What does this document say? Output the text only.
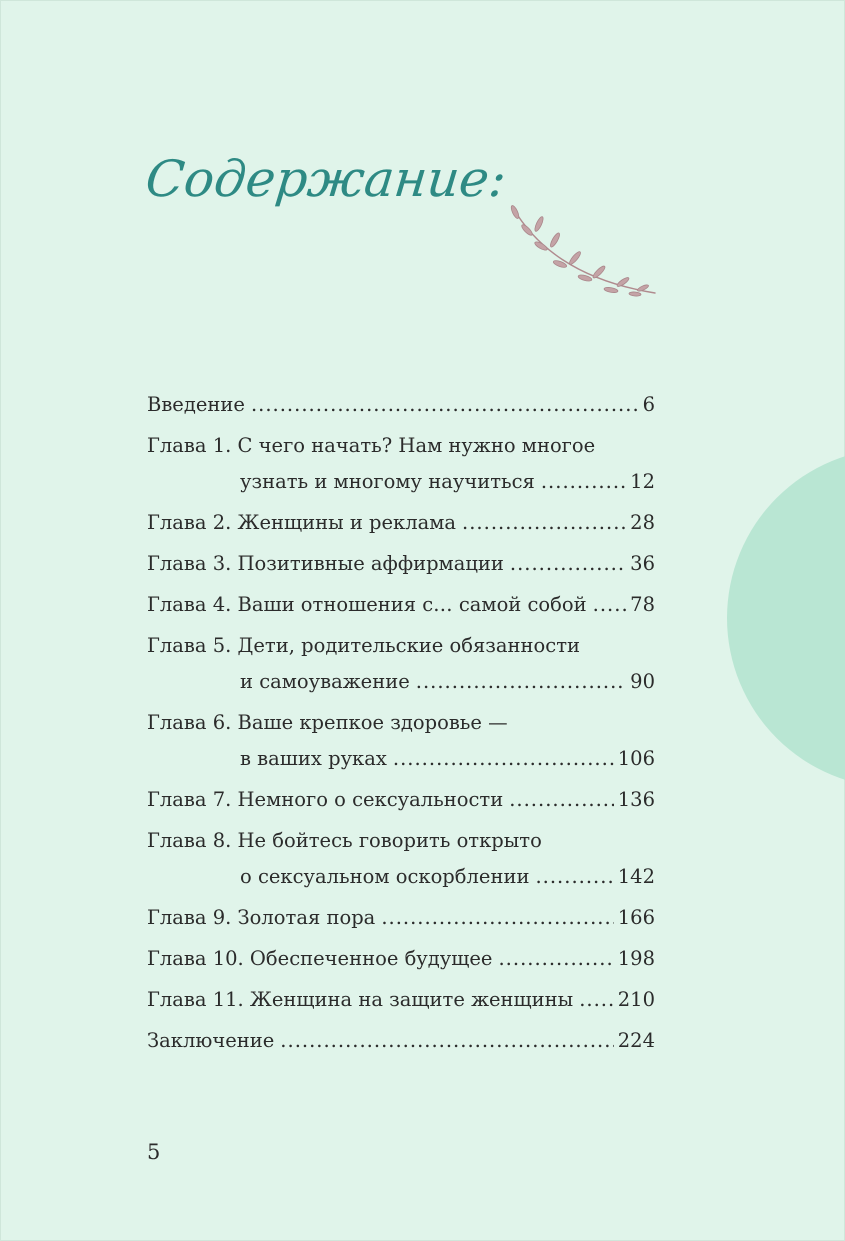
Содержание:
Введение .....	6
Глава 1. С чего начать? Нам нужно многое
узнать и многому научиться .....	12
Глава 2. Женщины и реклама .....	28
Глава 3. Позитивные аффирмации .....	36
Глава 4. Ваши отношения с… самой собой ..... 78
Глава 5. Дети, родительские обязанности
и самоуважение .....	90
Глава 6. Ваше крепкое здоровье —
в ваших руках .....	106
Глава 7. Немного о сексуальности .....	136
Глава 8. Не бойтесь говорить открыто
о сексуальном оскорблении .....	142
Глава 9. Золотая пора .....	166
Глава 10. Обеспеченное будущее .....	198
Глава 11. Женщина на защите женщины ..... 210
Заключение .....	224
5
